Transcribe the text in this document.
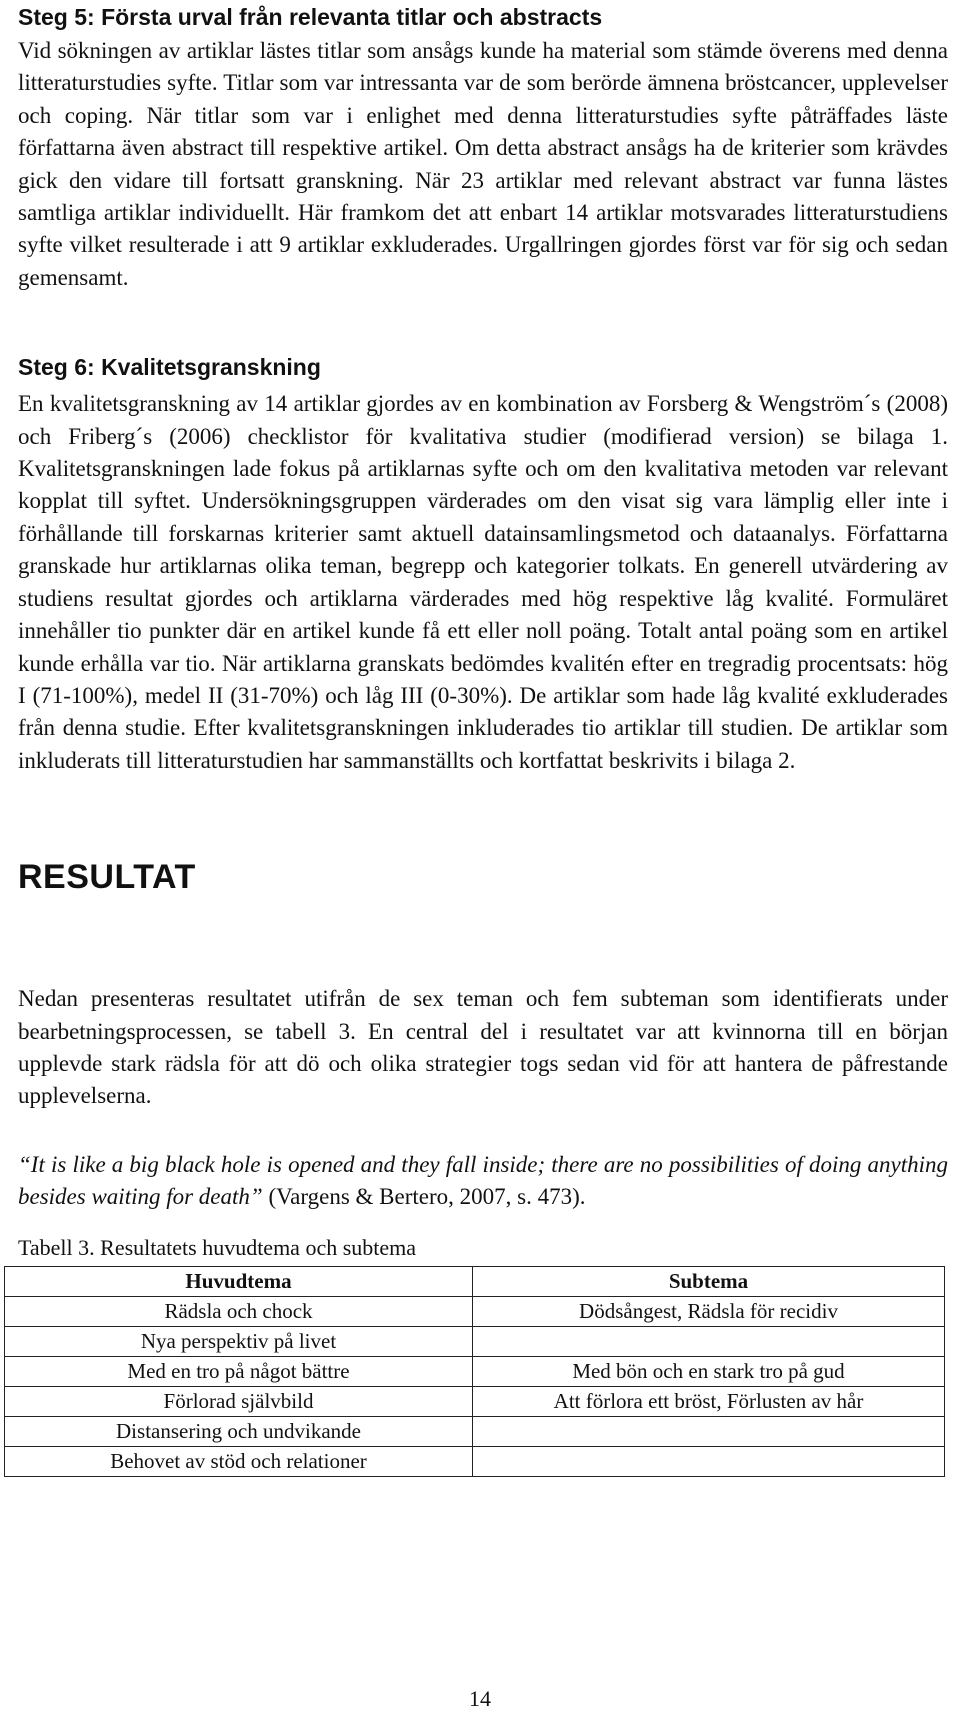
Steg 5: Första urval från relevanta titlar och abstracts

Vid sökningen av artiklar lästes titlar som ansågs kunde ha material som stämde överens med denna litteraturstudies syfte. Titlar som var intressanta var de som berörde ämnena bröstcancer, upplevelser och coping. När titlar som var i enlighet med denna litteraturstudies syfte påträffades läste författarna även abstract till respektive artikel. Om detta abstract ansågs ha de kriterier som krävdes gick den vidare till fortsatt granskning. När 23 artiklar med relevant abstract var funna lästes samtliga artiklar individuellt. Här framkom det att enbart 14 artiklar motsvarades litteraturstudiens syfte vilket resulterade i att 9 artiklar exkluderades. Urgallringen gjordes först var för sig och sedan gemensamt.

Steg 6: Kvalitetsgranskning

En kvalitetsgranskning av 14 artiklar gjordes av en kombination av Forsberg & Wengström´s (2008) och Friberg´s (2006) checklistor för kvalitativa studier (modifierad version) se bilaga 1. Kvalitetsgranskningen lade fokus på artiklarnas syfte och om den kvalitativa metoden var relevant kopplat till syftet. Undersökningsgruppen värderades om den visat sig vara lämplig eller inte i förhållande till forskarnas kriterier samt aktuell datainsamlingsmetod och dataanalys. Författarna granskade hur artiklarnas olika teman, begrepp och kategorier tolkats. En generell utvärdering av studiens resultat gjordes och artiklarna värderades med hög respektive låg kvalité. Formuläret innehåller tio punkter där en artikel kunde få ett eller noll poäng. Totalt antal poäng som en artikel kunde erhålla var tio. När artiklarna granskats bedömdes kvalitén efter en tregradig procentsats: hög I (71-100%), medel II (31-70%) och låg III (0-30%). De artiklar som hade låg kvalité exkluderades från denna studie. Efter kvalitetsgranskningen inkluderades tio artiklar till studien. De artiklar som inkluderats till litteraturstudien har sammanställts och kortfattat beskrivits i bilaga 2.

RESULTAT

Nedan presenteras resultatet utifrån de sex teman och fem subteman som identifierats under bearbetningsprocessen, se tabell 3. En central del i resultatet var att kvinnorna till en början upplevde stark rädsla för att dö och olika strategier togs sedan vid för att hantera de påfrestande upplevelserna.

“It is like a big black hole is opened and they fall inside; there are no possibilities of doing anything besides waiting for death” (Vargens & Bertero, 2007, s. 473).

Tabell 3. Resultatets huvudtema och subtema

Huvudtema	Subtema
Rädsla och chock	Dödsångest, Rädsla för recidiv
Nya perspektiv på livet	
Med en tro på något bättre	Med bön och en stark tro på gud
Förlorad självbild	Att förlora ett bröst, Förlusten av hår
Distansering och undvikande	
Behovet av stöd och relationer	
14
